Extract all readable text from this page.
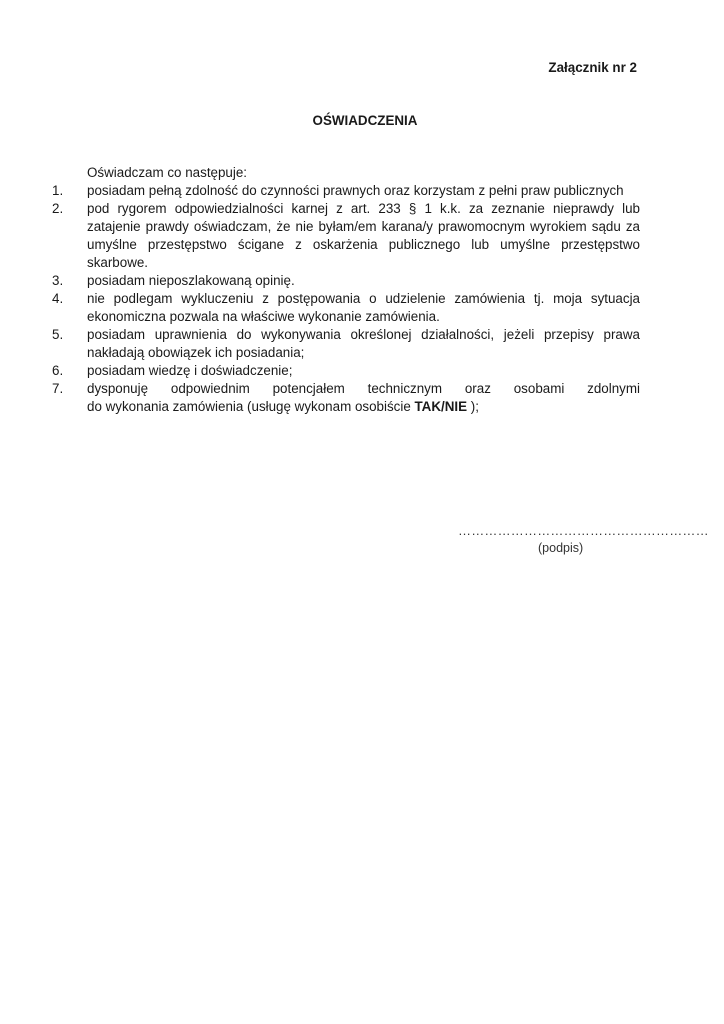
Załącznik nr 2
OŚWIADCZENIA
Oświadczam co następuje:
1. posiadam pełną zdolność do czynności prawnych oraz korzystam z pełni praw publicznych
2. pod rygorem odpowiedzialności karnej z art. 233 § 1 k.k. za zeznanie nieprawdy lub zatajenie prawdy oświadczam, że nie byłam/em karana/y prawomocnym wyrokiem sądu za umyślne przestępstwo ścigane z oskarżenia publicznego lub umyślne przestępstwo skarbowe.
3. posiadam nieposzlakowaną opinię.
4. nie podlegam wykluczeniu z postępowania o udzielenie zamówienia tj. moja sytuacja ekonomiczna pozwala na właściwe wykonanie zamówienia.
5. posiadam uprawnienia do wykonywania określonej działalności, jeżeli przepisy prawa nakładają obowiązek ich posiadania;
6. posiadam wiedzę i doświadczenie;
7. dysponuję odpowiednim potencjałem technicznym oraz osobami zdolnymi
do wykonania zamówienia (usługę wykonam osobiście TAK/NIE );
…………………………………………………
(podpis)
